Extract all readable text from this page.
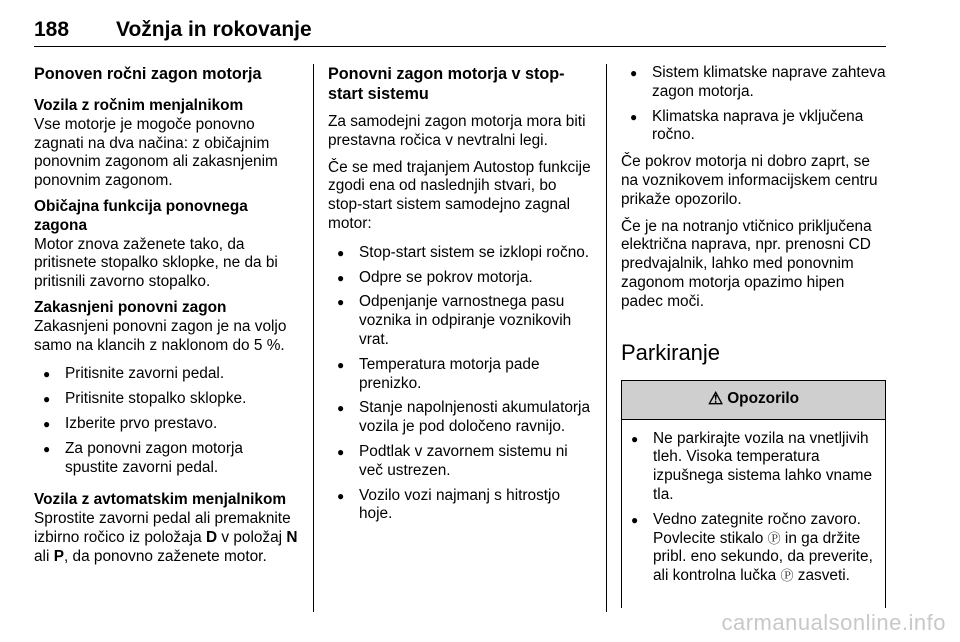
188 Vožnja in rokovanje
Ponoven ročni zagon motorja
Vozila z ročnim menjalnikom

Vse motorje je mogoče ponovno zagnati na dva načina: z običajnim ponovnim zagonom ali zakasnjenim ponovnim zagonom.

Običajna funkcija ponovnega zagona

Motor znova zaženete tako, da pritisnete stopalko sklopke, ne da bi pritisnili zavorno stopalko.

Zakasnjeni ponovni zagon

Zakasnjeni ponovni zagon je na voljo samo na klancih z naklonom do 5 %.

● Pritisnite zavorni pedal.
● Pritisnite stopalko sklopke.
● Izberite prvo prestavo.
● Za ponovni zagon motorja spustite zavorni pedal.
Vozila z avtomatskim menjalnikom

Sprostite zavorni pedal ali premaknite izbirno ročico iz položaja D v položaj N ali P, da ponovno zaženete motor.

Ponovni zagon motorja v stop-start sistemu

Za samodejni zagon motorja mora biti prestavna ročica v nevtralni legi.

Če se med trajanjem Autostop funkcije zgodi ena od naslednjih stvari, bo stop-start sistem samodejno zagnal motor:

● Stop-start sistem se izklopi ročno.
● Odpre se pokrov motorja.
● Odpenjanje varnostnega pasu voznika in odpiranje voznikovih vrat.
● Temperatura motorja pade prenizko.
● Stanje napolnjenosti akumulatorja vozila je pod določeno ravnijo.
● Podtlak v zavornem sistemu ni več ustrezen.
● Vozilo vozi najmanj s hitrostjo hoje.
● Sistem klimatske naprave zahteva zagon motorja.
● Klimatska naprava je vključena ročno.

Če pokrov motorja ni dobro zaprt, se na voznikovem informacijskem centru prikaže opozorilo.

Če je na notranjo vtičnico priključena električna naprava, npr. prenosni CD predvajalnik, lahko med ponovnim zagonom motorja opazimo hipen padec moči.

Parkiranje
⚠ Opozorilo
● Ne parkirajte vozila na vnetljivih tleh. Visoka temperatura izpušnega sistema lahko vname tla.
● Vedno zategnite ročno zavoro. Povlecite stikalo Ⓟ in ga držite pribl. eno sekundo, da preverite, ali kontrolna lučka Ⓟ zasveti.
carmanualsonline.info
